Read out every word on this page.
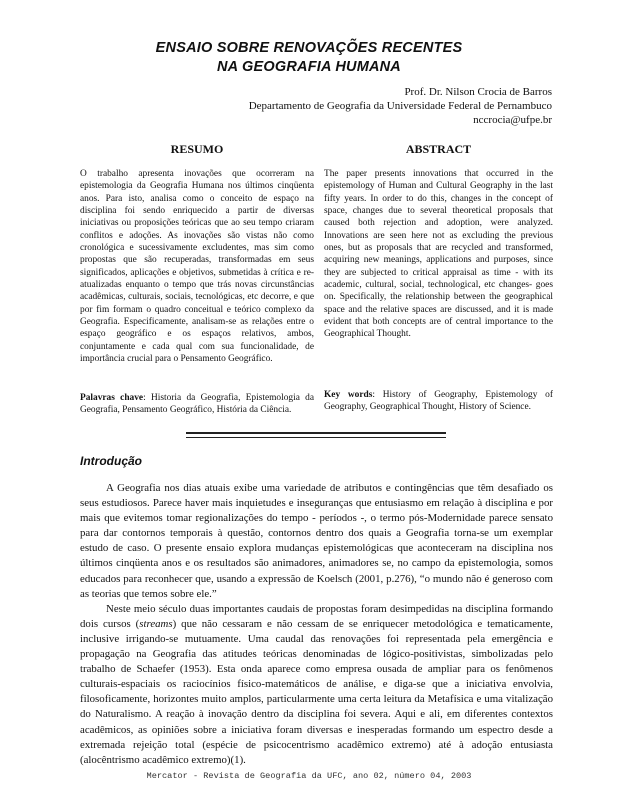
ENSAIO SOBRE RENOVAÇÕES RECENTES
NA GEOGRAFIA HUMANA
Prof. Dr. Nilson Crocia de Barros
Departamento de Geografia da Universidade Federal de Pernambuco
nccrocia@ufpe.br
RESUMO	ABSTRACT
O trabalho apresenta inovações que ocorreram na epistemologia da Geografia Humana nos últimos cinqüenta anos. Para isto, analisa como o conceito de espaço na disciplina foi sendo enriquecido a partir de diversas iniciativas ou proposições teóricas que ao seu tempo criaram conflitos e adoções. As inovações são vistas não como cronológica e sucessivamente excludentes, mas sim como propostas que são recuperadas, transformadas em seus significados, aplicações e objetivos, submetidas à crítica e re-atualizadas enquanto o tempo que trás novas circunstâncias acadêmicas, culturais, sociais, tecnológicas, etc decorre, e que por fim formam o quadro conceitual e teórico complexo da Geografia. Especificamente, analisam-se as relações entre o espaço geográfico e os espaços relativos, ambos, conjuntamente e cada qual com sua funcionalidade, de importância crucial para o Pensamento Geográfico.
The paper presents innovations that occurred in the epistemology of Human and Cultural Geography in the last fifty years. In order to do this, changes in the concept of space, changes due to several theoretical proposals that caused both rejection and adoption, were analyzed. Innovations are seen here not as excluding the previous ones, but as proposals that are recycled and transformed, acquiring new meanings, applications and purposes, since they are subjected to critical appraisal as time - with its academic, cultural, social, technological, etc changes- goes on. Specifically, the relationship between the geographical space and the relative spaces are discussed, and it is made evident that both concepts are of central importance to the Geographical Thought.
Palavras chave: Historia da Geografia, Epistemologia da Geografia, Pensamento Geográfico, História da Ciência.
Key words: History of Geography, Epistemology of Geography, Geographical Thought, History of Science.
Introdução

A Geografia nos dias atuais exibe uma variedade de atributos e contingências que têm desafiado os seus estudiosos. Parece haver mais inquietudes e inseguranças que entusiasmo em relação à disciplina e por mais que evitemos tomar regionalizações do tempo - períodos -, o termo pós-Modernidade parece sensato para dar contornos temporais à questão, contornos dentro dos quais a Geografia torna-se um exemplar estudo de caso. O presente ensaio explora mudanças epistemológicas que aconteceram na disciplina nos últimos cinqüenta anos e os resultados são animadores, animadores se, no campo da epistemologia, somos educados para reconhecer que, usando a expressão de Koelsch (2001, p.276), “o mundo não é generoso com as teorias que temos sobre ele.”

Neste meio século duas importantes caudais de propostas foram desimpedidas na disciplina formando dois cursos (streams) que não cessaram e não cessam de se enriquecer metodológica e tematicamente, inclusive irrigando-se mutuamente. Uma caudal das renovações foi representada pela emergência e propagação na Geografia das atitudes teóricas denominadas de lógico-positivistas, simbolizadas pelo trabalho de Schaefer (1953). Esta onda aparece como empresa ousada de ampliar para os fenômenos culturais-espaciais os raciocínios físico-matemáticos de análise, e diga-se que a iniciativa envolvia, filosoficamente, horizontes muito amplos, particularmente uma certa leitura da Metafísica e uma vitalização do Naturalismo. A reação à inovação dentro da disciplina foi severa. Aqui e ali, em diferentes contextos acadêmicos, as opiniões sobre a iniciativa foram diversas e inesperadas formando um espectro desde a extremada rejeição total (espécie de psicocentrismo acadêmico extremo) até à adoção entusiasta (alocêntrismo acadêmico extremo)(1).

Mercator - Revista de Geografia da UFC, ano 02, número 04, 2003
